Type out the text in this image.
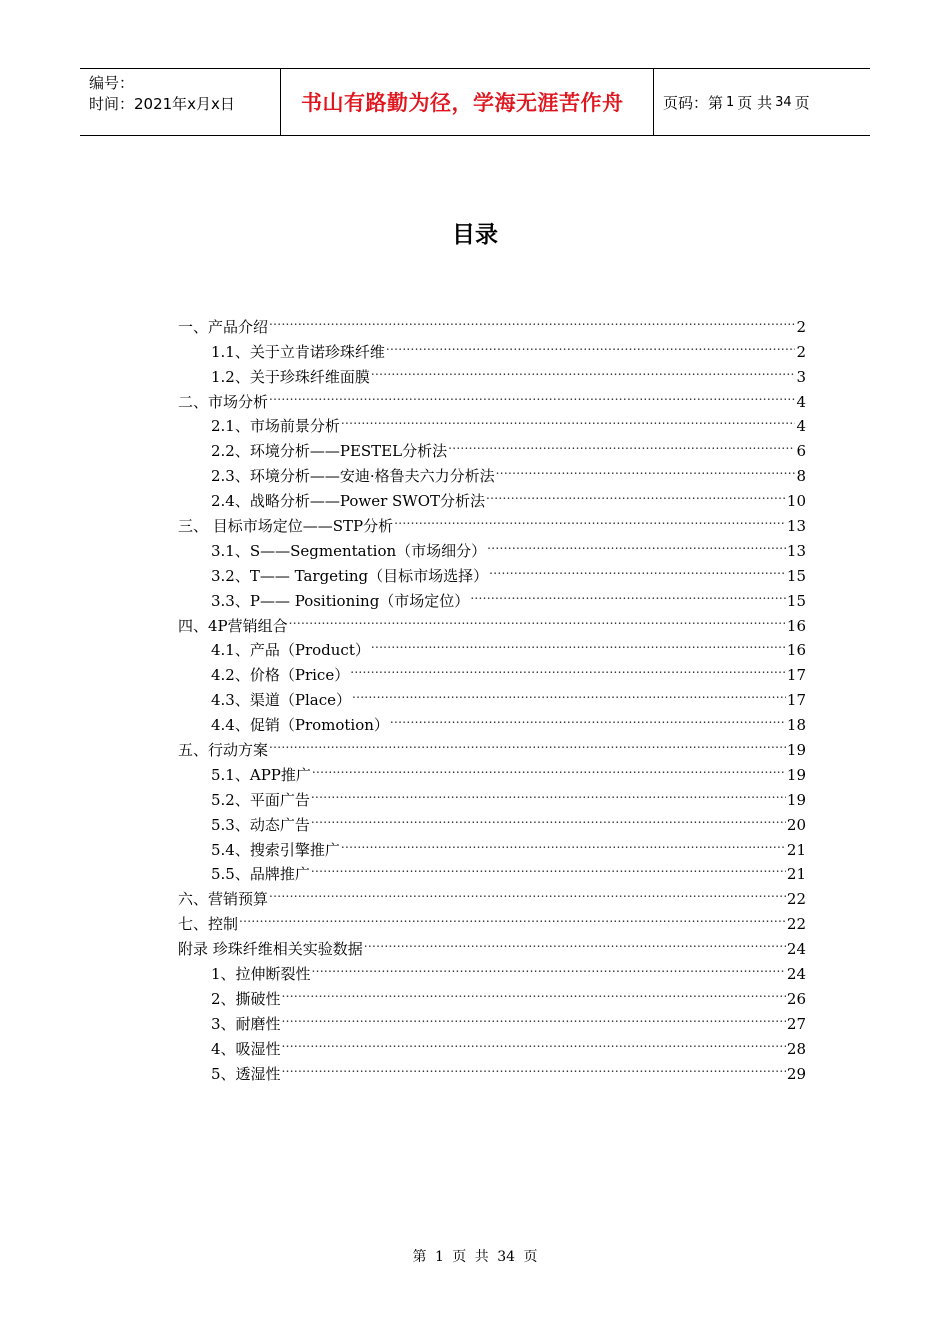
编号：
时间：2021年x月x日	书山有路勤为径，学海无涯苦作舟	页码：第 1 页 共 34 页
目录
一、产品介绍 .....	2
1.1、关于立肯诺珍珠纤维 .....	2
1.2、关于珍珠纤维面膜 .....	3
二、市场分析 .....	4
2.1、市场前景分析 .....	4
2.2、环境分析——PESTEL分析法 .....	6
2.3、环境分析——安迪·格鲁夫六力分析法 .....	8
2.4、战略分析——Power SWOT分析法 .....	10
三、 目标市场定位——STP分析 .....	13
3.1、S——Segmentation（市场细分） .....	13
3.2、T—— Targeting（目标市场选择） .....	15
3.3、P—— Positioning（市场定位） .....	15
四、4P营销组合 .....	16
4.1、产品（Product） .....	16
4.2、价格（Price） .....	17
4.3、渠道（Place） .....	17
4.4、促销（Promotion） .....	18
五、行动方案 .....	19
5.1、APP推广 .....	19
5.2、平面广告 .....	19
5.3、动态广告 .....	20
5.4、搜索引擎推广 .....	21
5.5、品牌推广 .....	21
六、营销预算 .....	22
七、控制 .....	22
附录 珍珠纤维相关实验数据 .....	24
1、拉伸断裂性 .....	24
2、撕破性 .....	26
3、耐磨性 .....	27
4、吸湿性 .....	28
5、透湿性 .....	29
第 1 页 共 34 页
